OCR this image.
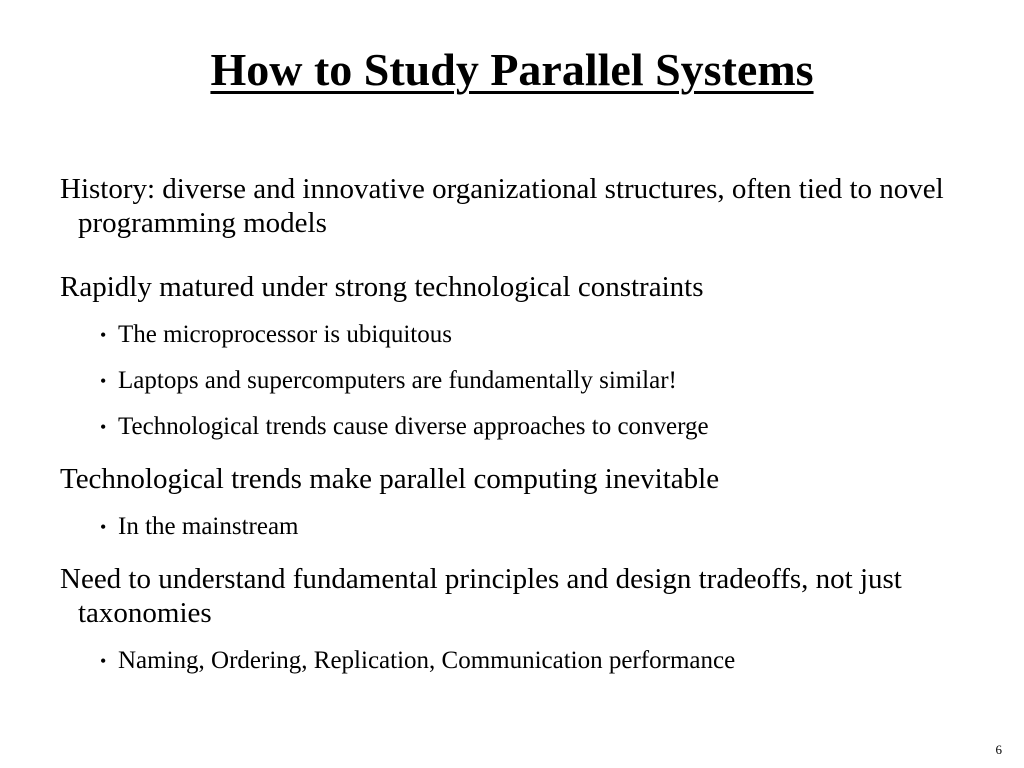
How to Study Parallel Systems

History: diverse and innovative organizational structures, often tied to novel programming models

Rapidly matured under strong technological constraints

• The microprocessor is ubiquitous

• Laptops and supercomputers are fundamentally similar!

• Technological trends cause diverse approaches to converge

Technological trends make parallel computing inevitable

• In the mainstream

Need to understand fundamental principles and design tradeoffs, not just taxonomies

• Naming, Ordering, Replication, Communication performance

6
